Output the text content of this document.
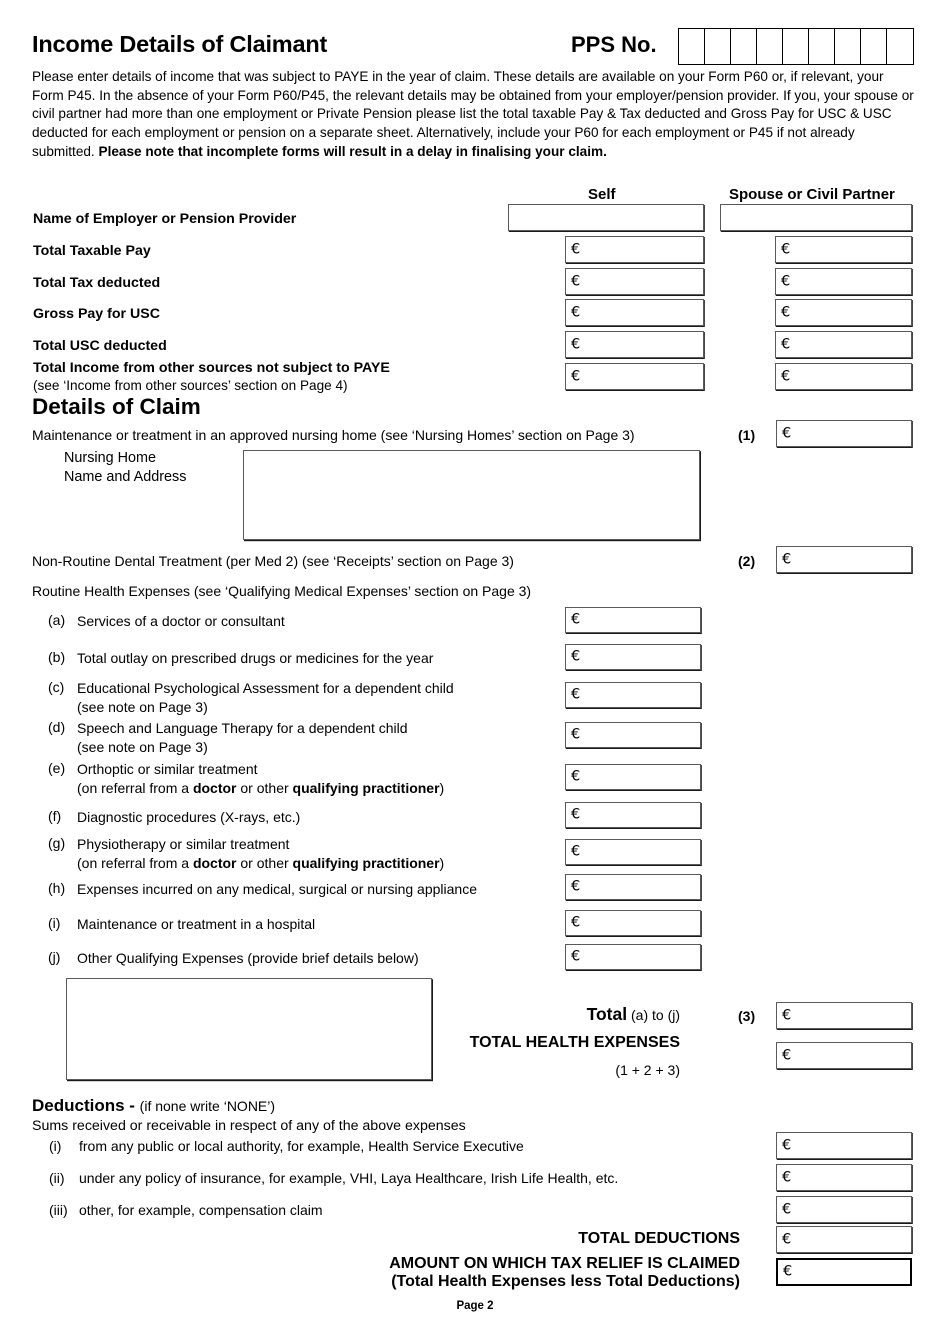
Income Details of Claimant	PPS No.
Please enter details of income that was subject to PAYE in the year of claim. These details are available on your Form P60 or, if relevant, your Form P45. In the absence of your Form P60/P45, the relevant details may be obtained from your employer/pension provider. If you, your spouse or civil partner had more than one employment or Private Pension please list the total taxable Pay & Tax deducted and Gross Pay for USC & USC deducted for each employment or pension on a separate sheet. Alternatively, include your P60 for each employment or P45 if not already submitted. Please note that incomplete forms will result in a delay in finalising your claim.
Self	Spouse or Civil Partner
Name of Employer or Pension Provider
Total Taxable Pay	€	€
Total Tax deducted	€	€
Gross Pay for USC	€	€
Total USC deducted	€	€
Total Income from other sources not subject to PAYE
(see ‘Income from other sources’ section on Page 4)
€	€
Details of Claim
Maintenance or treatment in an approved nursing home (see ‘Nursing Homes’ section on Page 3)	(1) €
Nursing Home
Name and Address
Non-Routine Dental Treatment (per Med 2) (see ‘Receipts’ section on Page 3)	(2) €
Routine Health Expenses (see ‘Qualifying Medical Expenses’ section on Page 3)
(a) Services of a doctor or consultant	€
(b) Total outlay on prescribed drugs or medicines for the year	€
(c) Educational Psychological Assessment for a dependent child
(see note on Page 3)
€
(d) Speech and Language Therapy for a dependent child
(see note on Page 3)
€
(e) Orthoptic or similar treatment
(on referral from a doctor or other qualifying practitioner)
€
(f) Diagnostic procedures (X-rays, etc.)	€
(g) Physiotherapy or similar treatment
(on referral from a doctor or other qualifying practitioner)
€
(h) Expenses incurred on any medical, surgical or nursing appliance	€
(i) Maintenance or treatment in a hospital	€
(j) Other Qualifying Expenses (provide brief details below)	€
Total (a) to (j)	(3) €
TOTAL HEALTH EXPENSES
(1 + 2 + 3)
€
Deductions - (if none write ‘NONE’)
Sums received or receivable in respect of any of the above expenses
(i) from any public or local authority, for example, Health Service Executive	€
(ii) under any policy of insurance, for example, VHI, Laya Healthcare, Irish Life Health, etc.	€
(iii) other, for example, compensation claim	€
TOTAL DEDUCTIONS	€
AMOUNT ON WHICH TAX RELIEF IS CLAIMED
(Total Health Expenses less Total Deductions)
€
Page 2
